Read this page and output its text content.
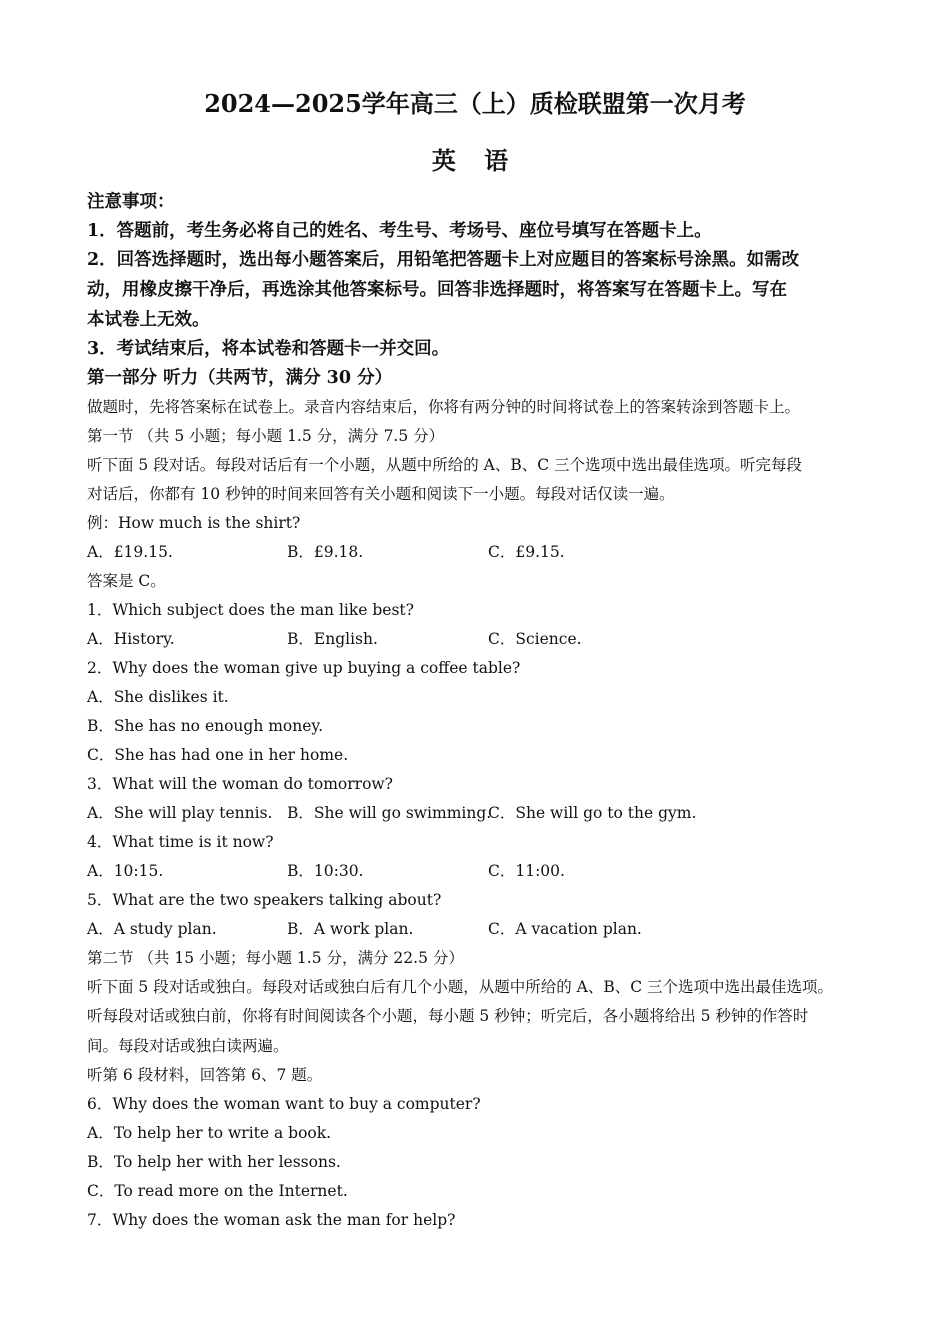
2024—2025学年高三（上）质检联盟第一次月考
英 语
注意事项：
1．答题前，考生务必将自己的姓名、考生号、考场号、座位号填写在答题卡上。
2．回答选择题时，选出每小题答案后，用铅笔把答题卡上对应题目的答案标号涂黑。如需改
动，用橡皮擦干净后，再选涂其他答案标号。回答非选择题时，将答案写在答题卡上。写在
本试卷上无效。
3．考试结束后，将本试卷和答题卡一并交回。
第一部分 听力（共两节，满分 30 分）
做题时，先将答案标在试卷上。录音内容结束后，你将有两分钟的时间将试卷上的答案转涂到答题卡上。
第一节 （共 5 小题；每小题 1.5 分，满分 7.5 分）
听下面 5 段对话。每段对话后有一个小题，从题中所给的 A、B、C 三个选项中选出最佳选项。听完每段
对话后，你都有 10 秒钟的时间来回答有关小题和阅读下一小题。每段对话仅读一遍。
例：How much is the shirt?
A．£19.15.	B．£9.18.	C．£9.15.
答案是 C。
1．Which subject does the man like best?
A．History.	B．English.	C．Science.
2．Why does the woman give up buying a coffee table?
A．She dislikes it.
B．She has no enough money.
C．She has had one in her home.
3．What will the woman do tomorrow?
A．She will play tennis. B．She will go swimming.
C．She will go to the gym.
4．What time is it now?
A．10:15.	B．10:30.	C．11:00.
5．What are the two speakers talking about?
A．A study plan.	B．A work plan.	C．A vacation plan.
第二节 （共 15 小题；每小题 1.5 分，满分 22.5 分）
听下面 5 段对话或独白。每段对话或独白后有几个小题，从题中所给的 A、B、C 三个选项中选出最佳选项。
听每段对话或独白前，你将有时间阅读各个小题，每小题 5 秒钟；听完后，各小题将给出 5 秒钟的作答时
间。每段对话或独白读两遍。
听第 6 段材料，回答第 6、7 题。
6．Why does the woman want to buy a computer?
A．To help her to write a book.
B．To help her with her lessons.
C．To read more on the Internet.
7．Why does the woman ask the man for help?
